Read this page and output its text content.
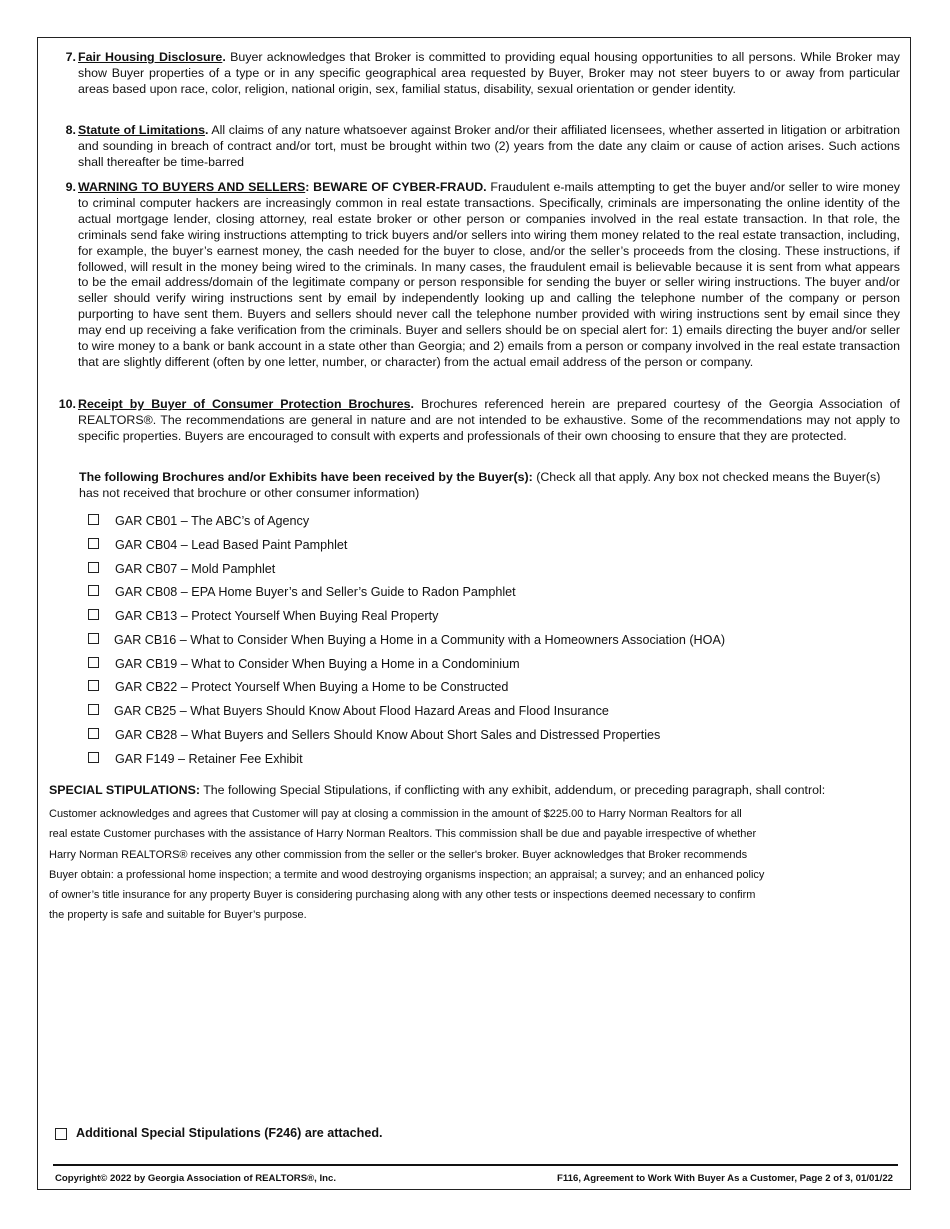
7. Fair Housing Disclosure. Buyer acknowledges that Broker is committed to providing equal housing opportunities to all persons. While Broker may show Buyer properties of a type or in any specific geographical area requested by Buyer, Broker may not steer buyers to or away from particular areas based upon race, color, religion, national origin, sex, familial status, disability, sexual orientation or gender identity.
8. Statute of Limitations. All claims of any nature whatsoever against Broker and/or their affiliated licensees, whether asserted in litigation or arbitration and sounding in breach of contract and/or tort, must be brought within two (2) years from the date any claim or cause of action arises. Such actions shall thereafter be time-barred
9. WARNING TO BUYERS AND SELLERS: BEWARE OF CYBER-FRAUD. Fraudulent e-mails attempting to get the buyer and/or seller to wire money to criminal computer hackers are increasingly common in real estate transactions. Specifically, criminals are impersonating the online identity of the actual mortgage lender, closing attorney, real estate broker or other person or companies involved in the real estate transaction. In that role, the criminals send fake wiring instructions attempting to trick buyers and/or sellers into wiring them money related to the real estate transaction, including, for example, the buyer’s earnest money, the cash needed for the buyer to close, and/or the seller’s proceeds from the closing. These instructions, if followed, will result in the money being wired to the criminals. In many cases, the fraudulent email is believable because it is sent from what appears to be the email address/domain of the legitimate company or person responsible for sending the buyer or seller wiring instructions. The buyer and/or seller should verify wiring instructions sent by email by independently looking up and calling the telephone number of the company or person purporting to have sent them. Buyers and sellers should never call the telephone number provided with wiring instructions sent by email since they may end up receiving a fake verification from the criminals. Buyer and sellers should be on special alert for: 1) emails directing the buyer and/or seller to wire money to a bank or bank account in a state other than Georgia; and 2) emails from a person or company involved in the real estate transaction that are slightly different (often by one letter, number, or character) from the actual email address of the person or company.
10. Receipt by Buyer of Consumer Protection Brochures. Brochures referenced herein are prepared courtesy of the Georgia Association of REALTORS®. The recommendations are general in nature and are not intended to be exhaustive. Some of the recommendations may not apply to specific properties. Buyers are encouraged to consult with experts and professionals of their own choosing to ensure that they are protected.
The following Brochures and/or Exhibits have been received by the Buyer(s): (Check all that apply. Any box not checked means the Buyer(s) has not received that brochure or other consumer information)
GAR CB01 – The ABC’s of Agency
GAR CB04 – Lead Based Paint Pamphlet
GAR CB07 – Mold Pamphlet
GAR CB08 – EPA Home Buyer’s and Seller’s Guide to Radon Pamphlet
GAR CB13 – Protect Yourself When Buying Real Property
GAR CB16 – What to Consider When Buying a Home in a Community with a Homeowners Association (HOA)
GAR CB19 – What to Consider When Buying a Home in a Condominium
GAR CB22 – Protect Yourself When Buying a Home to be Constructed
GAR CB25 – What Buyers Should Know About Flood Hazard Areas and Flood Insurance
GAR CB28 – What Buyers and Sellers Should Know About Short Sales and Distressed Properties
GAR F149 – Retainer Fee Exhibit
SPECIAL STIPULATIONS: The following Special Stipulations, if conflicting with any exhibit, addendum, or preceding paragraph, shall control:
Customer acknowledges and agrees that Customer will pay at closing a commission in the amount of $225.00 to Harry Norman Realtors for all
real estate Customer purchases with the assistance of Harry Norman Realtors. This commission shall be due and payable irrespective of whether
Harry Norman REALTORS® receives any other commission from the seller or the seller's broker. Buyer acknowledges that Broker recommends
Buyer obtain: a professional home inspection; a termite and wood destroying organisms inspection; an appraisal; a survey; and an enhanced policy
of owner’s title insurance for any property Buyer is considering purchasing along with any other tests or inspections deemed necessary to confirm
the property is safe and suitable for Buyer’s purpose.
Additional Special Stipulations (F246) are attached.
Copyright© 2022 by Georgia Association of REALTORS®, Inc.	F116, Agreement to Work With Buyer As a Customer, Page 2 of 3, 01/01/22
